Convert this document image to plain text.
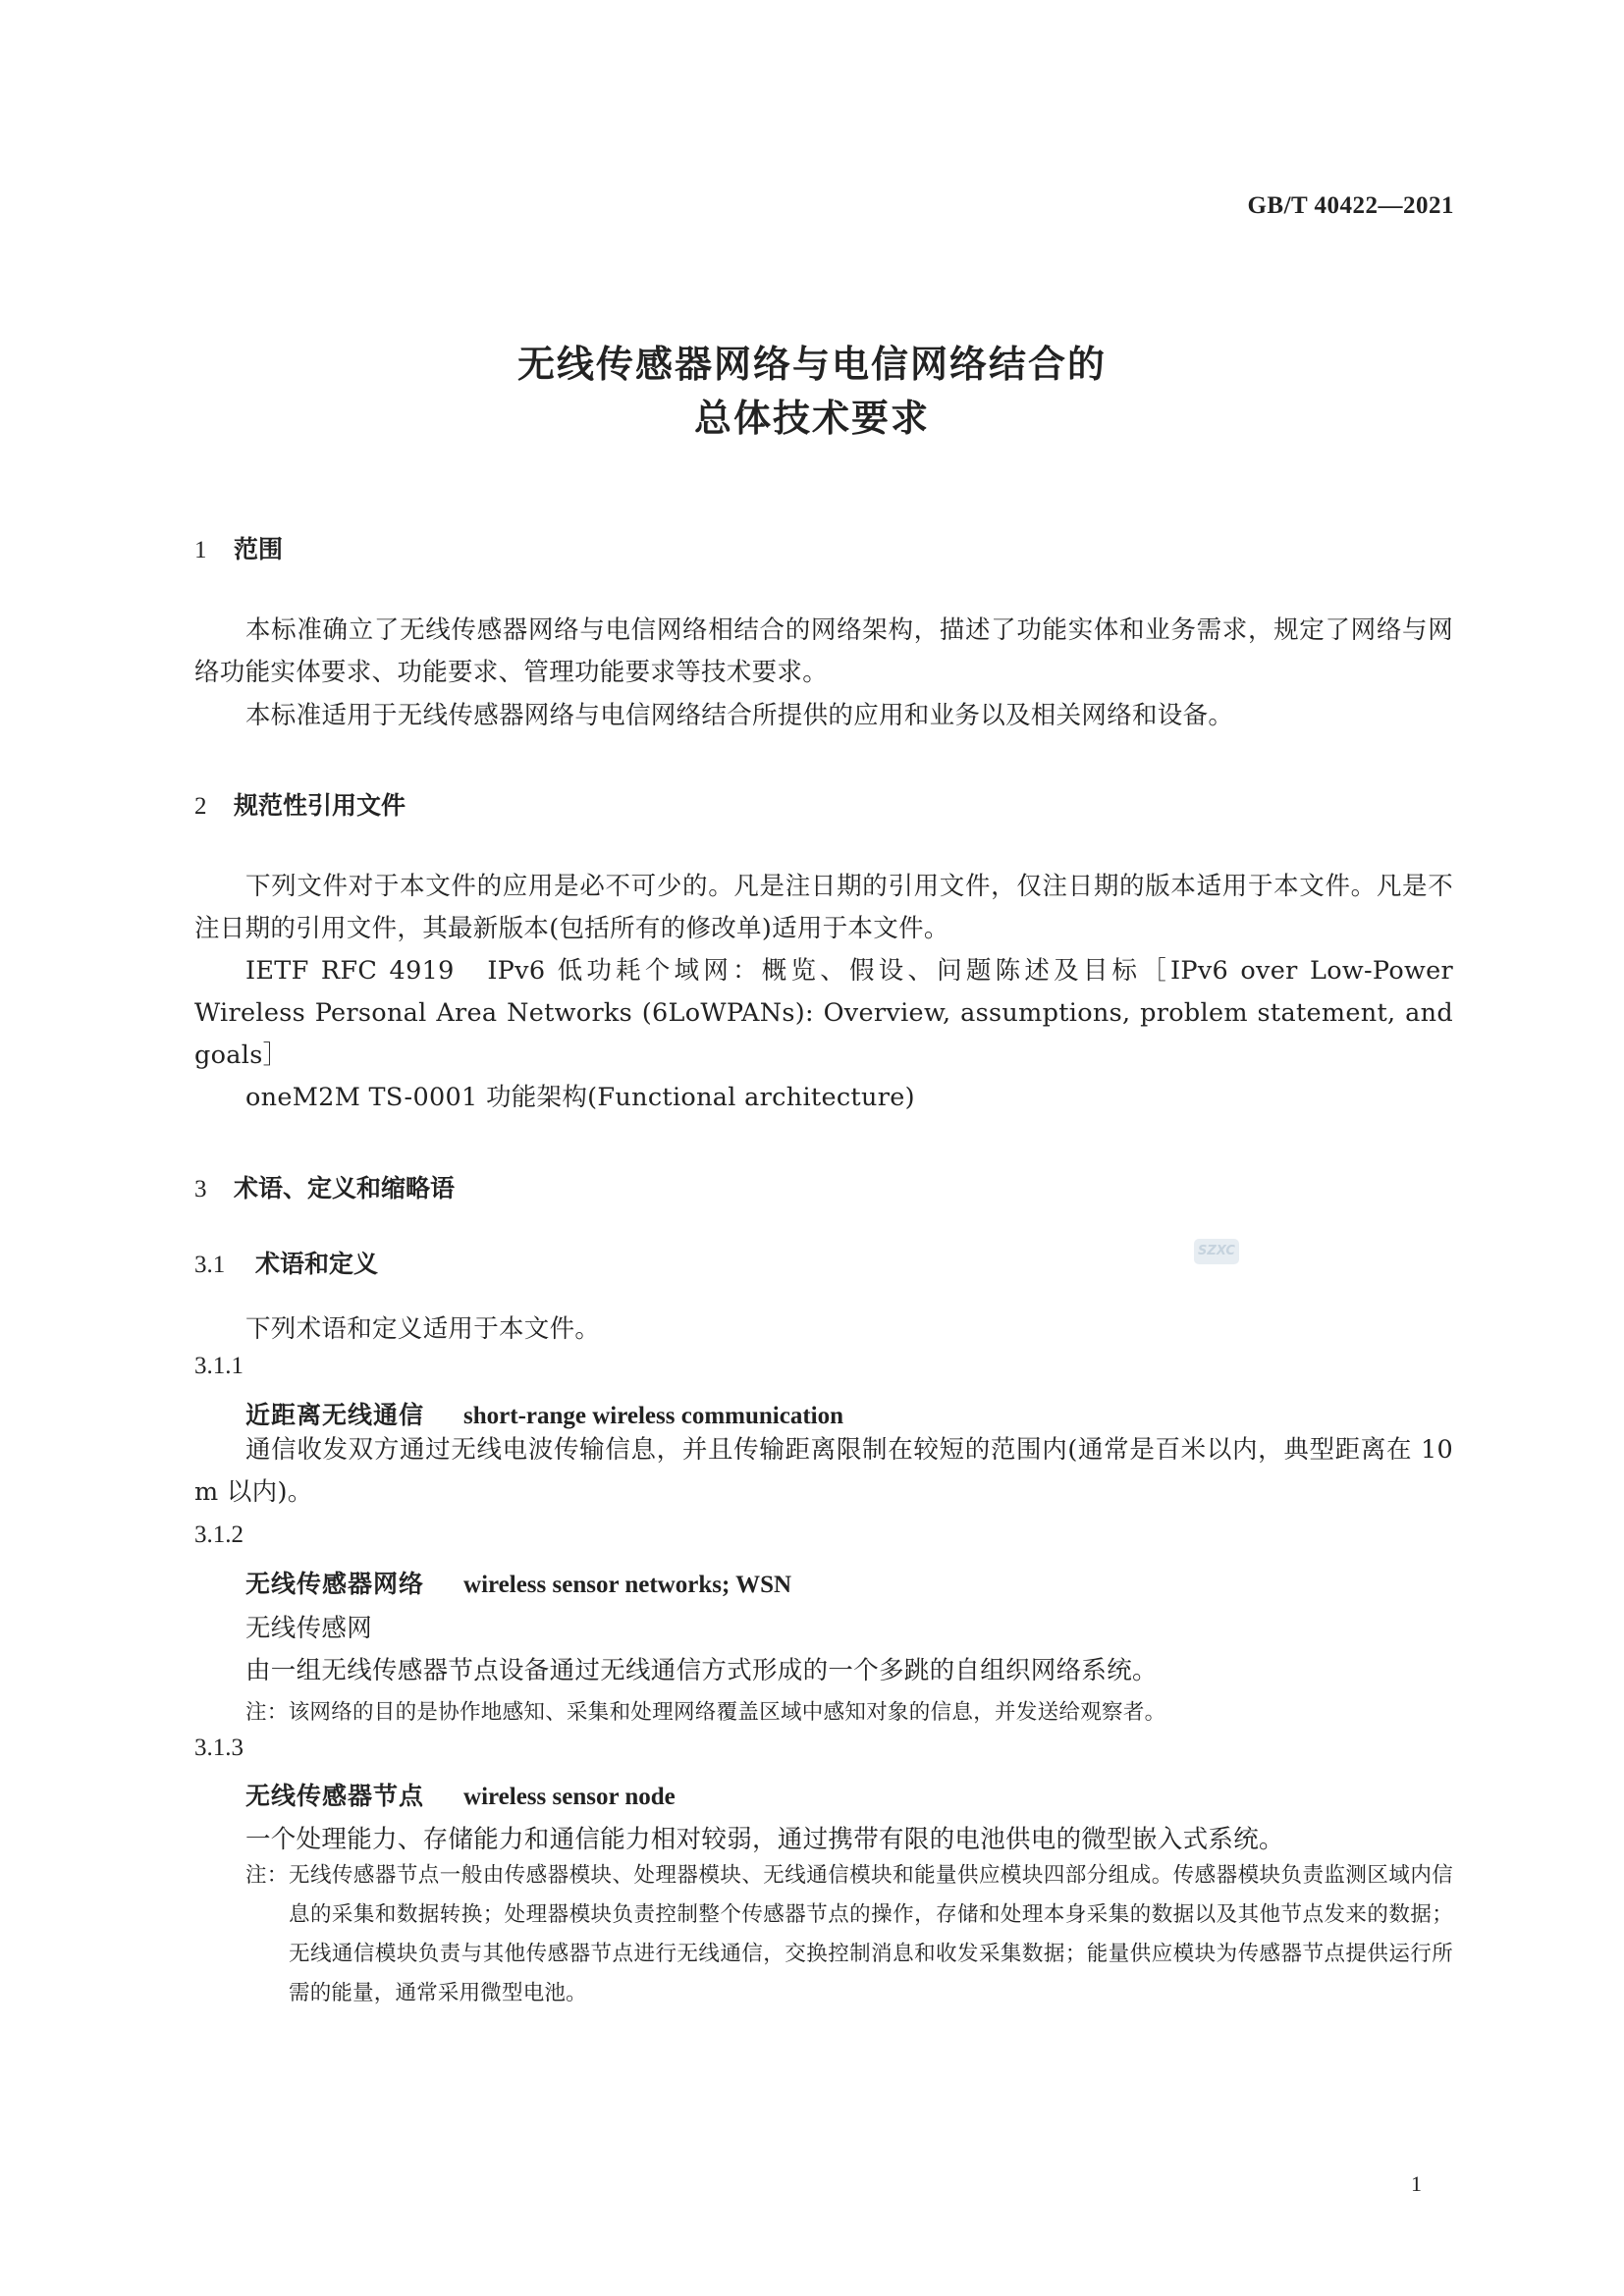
GB/T 40422—2021
无线传感器网络与电信网络结合的
总体技术要求
1 范围
本标准确立了无线传感器网络与电信网络相结合的网络架构，描述了功能实体和业务需求，规定了网络与网络功能实体要求、功能要求、管理功能要求等技术要求。
本标准适用于无线传感器网络与电信网络结合所提供的应用和业务以及相关网络和设备。
2 规范性引用文件
下列文件对于本文件的应用是必不可少的。凡是注日期的引用文件，仅注日期的版本适用于本文件。凡是不注日期的引用文件，其最新版本(包括所有的修改单)适用于本文件。
IETF RFC 4919　IPv6 低功耗个域网：概览、假设、问题陈述及目标［IPv6 over Low-Power Wireless Personal Area Networks (6LoWPANs): Overview, assumptions, problem statement, and goals］
oneM2M TS-0001 功能架构(Functional architecture)
3 术语、定义和缩略语
3.1 术语和定义
下列术语和定义适用于本文件。
3.1.1
近距离无线通信 short-range wireless communication
通信收发双方通过无线电波传输信息，并且传输距离限制在较短的范围内(通常是百米以内，典型距离在 10 m 以内)。
3.1.2
无线传感器网络 wireless sensor networks; WSN
无线传感网
由一组无线传感器节点设备通过无线通信方式形成的一个多跳的自组织网络系统。
注：该网络的目的是协作地感知、采集和处理网络覆盖区域中感知对象的信息，并发送给观察者。
3.1.3
无线传感器节点 wireless sensor node
一个处理能力、存储能力和通信能力相对较弱，通过携带有限的电池供电的微型嵌入式系统。
注： 无线传感器节点一般由传感器模块、处理器模块、无线通信模块和能量供应模块四部分组成。传感器模块负责监测区域内信息的采集和数据转换；处理器模块负责控制整个传感器节点的操作，存储和处理本身采集的数据以及其他节点发来的数据；无线通信模块负责与其他传感器节点进行无线通信，交换控制消息和收发采集数据；能量供应模块为传感器节点提供运行所需的能量，通常采用微型电池。
SZXC
1
